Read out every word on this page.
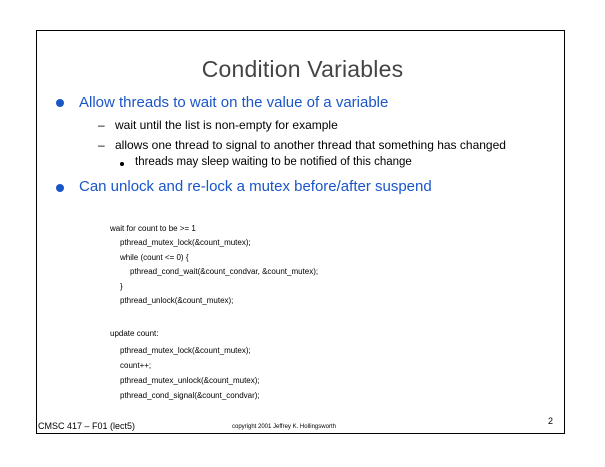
Condition Variables
Allow threads to wait on the value of a variable
– wait until the list is non-empty for example
– allows one thread to signal to another thread that something has changed
threads may sleep waiting to be notified of this change
Can unlock and re-lock a mutex before/after suspend
wait for count to be >= 1
pthread_mutex_lock(&count_mutex);
while (count <= 0) {
pthread_cond_wait(&count_condvar, &count_mutex);
}
pthread_unlock(&count_mutex);
update count:
pthread_mutex_lock(&count_mutex);
count++;
pthread_mutex_unlock(&count_mutex);
pthread_cond_signal(&count_condvar);
CMSC 417 – F01 (lect5)	copyright 2001 Jeffrey K. Hollingsworth
2
